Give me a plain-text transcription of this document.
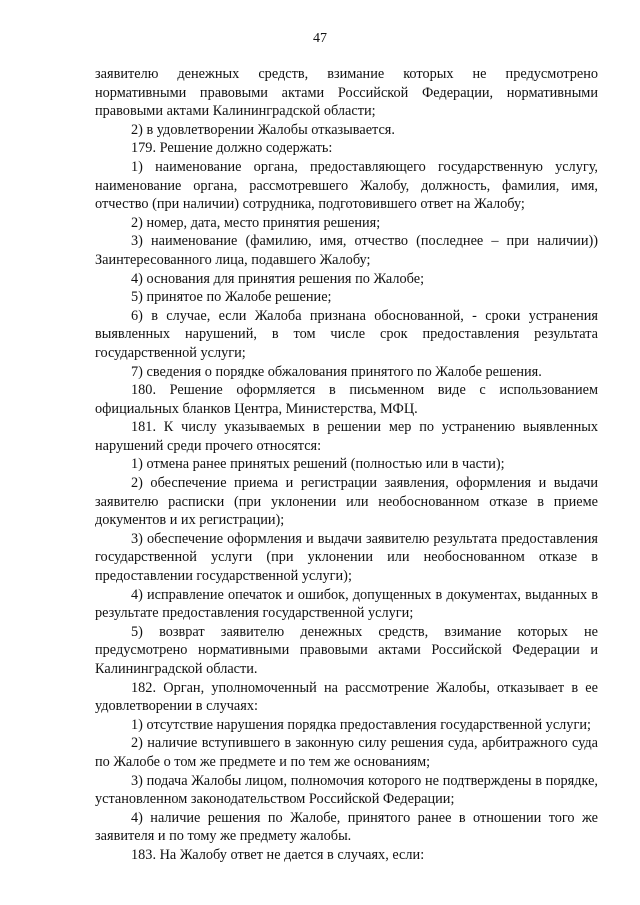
47

заявителю денежных средств, взимание которых не предусмотрено нормативными правовыми актами Российской Федерации, нормативными правовыми актами Калининградской области;

2) в удовлетворении Жалобы отказывается.

179. Решение должно содержать:

1) наименование органа, предоставляющего государственную услугу, наименование органа, рассмотревшего Жалобу, должность, фамилия, имя, отчество (при наличии) сотрудника, подготовившего ответ на Жалобу;

2) номер, дата, место принятия решения;

3) наименование (фамилию, имя, отчество (последнее – при наличии)) Заинтересованного лица, подавшего Жалобу;

4) основания для принятия решения по Жалобе;

5) принятое по Жалобе решение;

6) в случае, если Жалоба признана обоснованной, - сроки устранения выявленных нарушений, в том числе срок предоставления результата государственной услуги;

7) сведения о порядке обжалования принятого по Жалобе решения.

180. Решение оформляется в письменном виде с использованием официальных бланков Центра, Министерства, МФЦ.

181. К числу указываемых в решении мер по устранению выявленных нарушений среди прочего относятся:

1) отмена ранее принятых решений (полностью или в части);

2) обеспечение приема и регистрации заявления, оформления и выдачи заявителю расписки (при уклонении или необоснованном отказе в приеме документов и их регистрации);

3) обеспечение оформления и выдачи заявителю результата предоставления государственной услуги (при уклонении или необоснованном отказе в предоставлении государственной услуги);

4) исправление опечаток и ошибок, допущенных в документах, выданных в результате предоставления государственной услуги;

5) возврат заявителю денежных средств, взимание которых не предусмотрено нормативными правовыми актами Российской Федерации и Калининградской области.

182. Орган, уполномоченный на рассмотрение Жалобы, отказывает в ее удовлетворении в случаях:

1) отсутствие нарушения порядка предоставления государственной услуги;

2) наличие вступившего в законную силу решения суда, арбитражного суда по Жалобе о том же предмете и по тем же основаниям;

3) подача Жалобы лицом, полномочия которого не подтверждены в порядке, установленном законодательством Российской Федерации;

4) наличие решения по Жалобе, принятого ранее в отношении того же заявителя и по тому же предмету жалобы.

183. На Жалобу ответ не дается в случаях, если:
